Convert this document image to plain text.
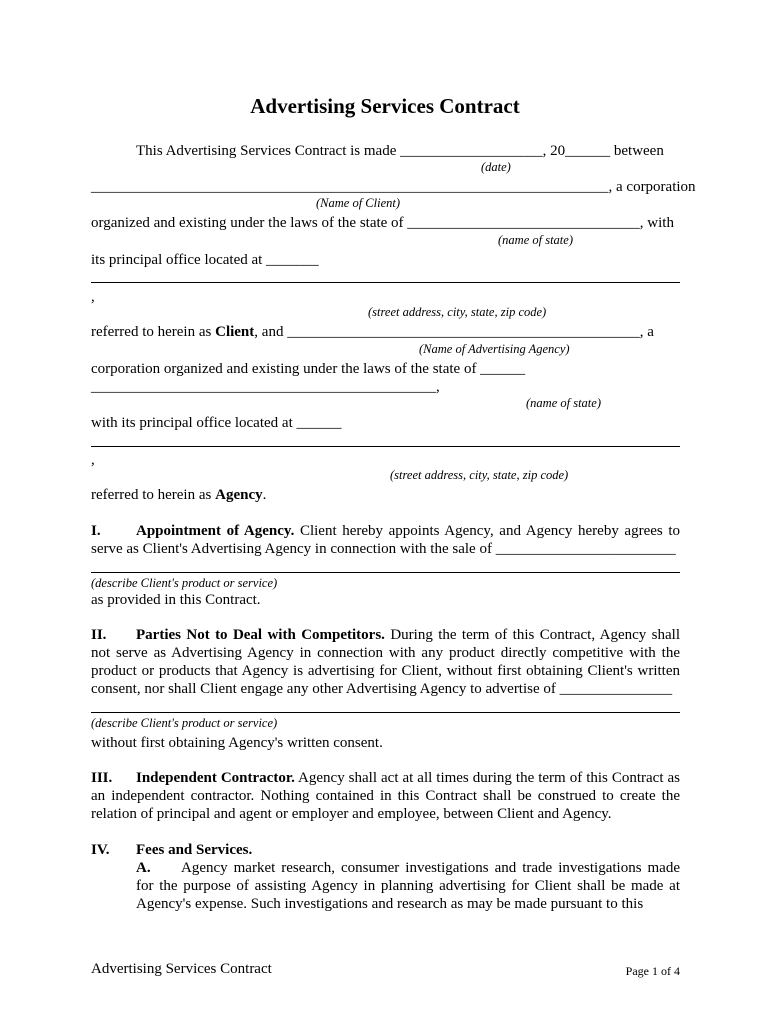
Advertising Services Contract
This Advertising Services Contract is made ___________________, 20______ between
(date)
_____________________________________________________________________, a corporation
(Name of Client)
organized and existing under the laws of the state of _______________________________, with
(name of state)
its principal office located at _______
,
(street address, city, state, zip code)
referred to herein as Client, and _______________________________________________, a
(Name of Advertising Agency)
corporation organized and existing under the laws of the state of ______
______________________________________________,
(name of state)
with its principal office located at ______
,
(street address, city, state, zip code)
referred to herein as Agency.
I. Appointment of Agency. Client hereby appoints Agency, and Agency hereby agrees to serve as Client's Advertising Agency in connection with the sale of ________________________
(describe Client's product or service)
as provided in this Contract.
II. Parties Not to Deal with Competitors. During the term of this Contract, Agency shall not serve as Advertising Agency in connection with any product directly competitive with the product or products that Agency is advertising for Client, without first obtaining Client's written consent, nor shall Client engage any other Advertising Agency to advertise of _______________
(describe Client's product or service)
without first obtaining Agency's written consent.
III. Independent Contractor. Agency shall act at all times during the term of this Contract as an independent contractor. Nothing contained in this Contract shall be construed to create the relation of principal and agent or employer and employee, between Client and Agency.
IV. Fees and Services.
A. Agency market research, consumer investigations and trade investigations made for the purpose of assisting Agency in planning advertising for Client shall be made at Agency's expense. Such investigations and research as may be made pursuant to this
Advertising Services Contract	Page 1 of 4
